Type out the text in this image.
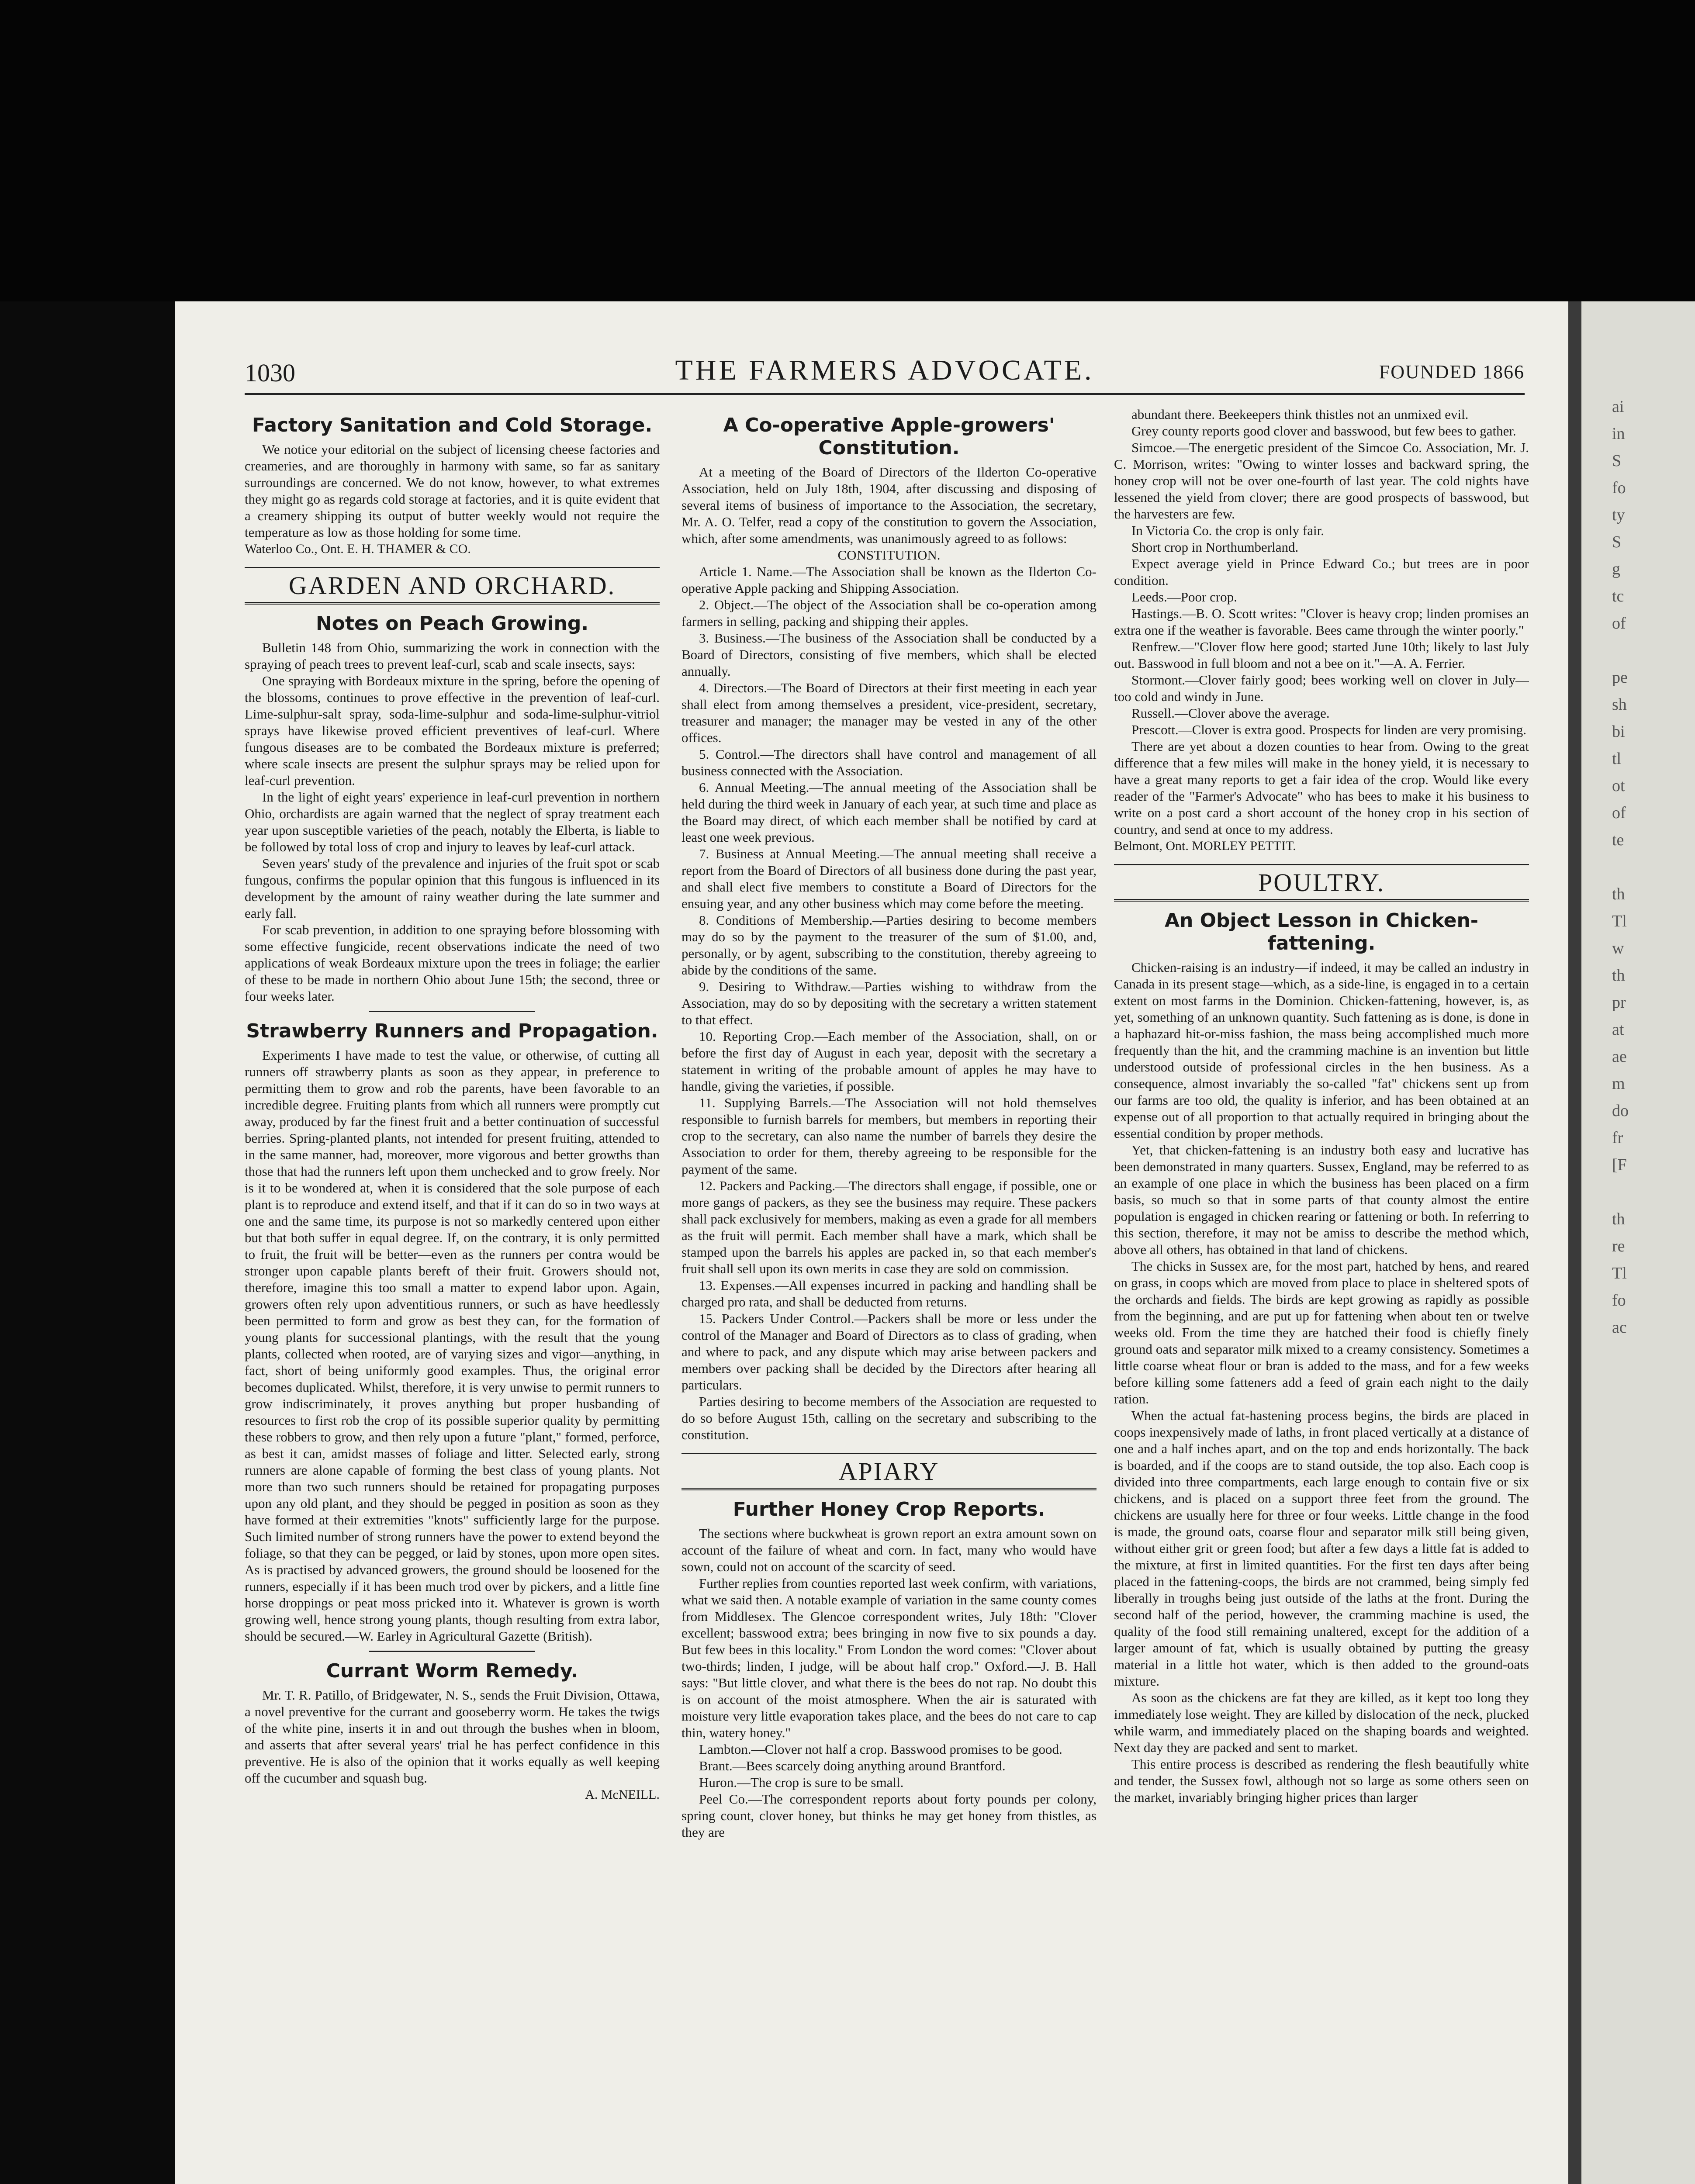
ai
in
S
fo
ty
S
g
tc
of

pe
sh
bi
tl
ot
of
te

th
Tl
w
th
pr
at
ae
m
do
fr
[F

th
re
Tl
fo
ac
1030	THE FARMERS ADVOCATE.	FOUNDED 1866
Factory Sanitation and Cold Storage.

We notice your editorial on the subject of licensing cheese factories and creameries, and are thoroughly in harmony with same, so far as sanitary surroundings are concerned. We do not know, however, to what extremes they might go as regards cold storage at factories, and it is quite evident that a creamery shipping its output of butter weekly would not require the temperature as low as those holding for some time.

Waterloo Co., Ont. E. H. THAMER & CO.

GARDEN AND ORCHARD.
Notes on Peach Growing.

Bulletin 148 from Ohio, summarizing the work in connection with the spraying of peach trees to prevent leaf-curl, scab and scale insects, says:

One spraying with Bordeaux mixture in the spring, before the opening of the blossoms, continues to prove effective in the prevention of leaf-curl. Lime-sulphur-salt spray, soda-lime-sulphur and soda-lime-sulphur-vitriol sprays have likewise proved efficient preventives of leaf-curl. Where fungous diseases are to be combated the Bordeaux mixture is preferred; where scale insects are present the sulphur sprays may be relied upon for leaf-curl prevention.

In the light of eight years' experience in leaf-curl prevention in northern Ohio, orchardists are again warned that the neglect of spray treatment each year upon susceptible varieties of the peach, notably the Elberta, is liable to be followed by total loss of crop and injury to leaves by leaf-curl attack.

Seven years' study of the prevalence and injuries of the fruit spot or scab fungous, confirms the popular opinion that this fungous is influenced in its development by the amount of rainy weather during the late summer and early fall.

For scab prevention, in addition to one spraying before blossoming with some effective fungicide, recent observations indicate the need of two applications of weak Bordeaux mixture upon the trees in foliage; the earlier of these to be made in northern Ohio about June 15th; the second, three or four weeks later.

Strawberry Runners and Propagation.

Experiments I have made to test the value, or otherwise, of cutting all runners off strawberry plants as soon as they appear, in preference to permitting them to grow and rob the parents, have been favorable to an incredible degree. Fruiting plants from which all runners were promptly cut away, produced by far the finest fruit and a better continuation of successful berries. Spring-planted plants, not intended for present fruiting, attended to in the same manner, had, moreover, more vigorous and better growths than those that had the runners left upon them unchecked and to grow freely. Nor is it to be wondered at, when it is considered that the sole purpose of each plant is to reproduce and extend itself, and that if it can do so in two ways at one and the same time, its purpose is not so markedly centered upon either but that both suffer in equal degree. If, on the contrary, it is only permitted to fruit, the fruit will be better—even as the runners per contra would be stronger upon capable plants bereft of their fruit. Growers should not, therefore, imagine this too small a matter to expend labor upon. Again, growers often rely upon adventitious runners, or such as have heedlessly been permitted to form and grow as best they can, for the formation of young plants for successional plantings, with the result that the young plants, collected when rooted, are of varying sizes and vigor—anything, in fact, short of being uniformly good examples. Thus, the original error becomes duplicated. Whilst, therefore, it is very unwise to permit runners to grow indiscriminately, it proves anything but proper husbanding of resources to first rob the crop of its possible superior quality by permitting these robbers to grow, and then rely upon a future "plant," formed, perforce, as best it can, amidst masses of foliage and litter. Selected early, strong runners are alone capable of forming the best class of young plants. Not more than two such runners should be retained for propagating purposes upon any old plant, and they should be pegged in position as soon as they have formed at their extremities "knots" sufficiently large for the purpose. Such limited number of strong runners have the power to extend beyond the foliage, so that they can be pegged, or laid by stones, upon more open sites. As is practised by advanced growers, the ground should be loosened for the runners, especially if it has been much trod over by pickers, and a little fine horse droppings or peat moss pricked into it. Whatever is grown is worth growing well, hence strong young plants, though resulting from extra labor, should be secured.—W. Earley in Agricultural Gazette (British).

Currant Worm Remedy.

Mr. T. R. Patillo, of Bridgewater, N. S., sends the Fruit Division, Ottawa, a novel preventive for the currant and gooseberry worm. He takes the twigs of the white pine, inserts it in and out through the bushes when in bloom, and asserts that after several years' trial he has perfect confidence in this preventive. He is also of the opinion that it works equally as well keeping off the cucumber and squash bug.

A. McNEILL.

A Co-operative Apple-growers' Constitution.

At a meeting of the Board of Directors of the Ilderton Co-operative Association, held on July 18th, 1904, after discussing and disposing of several items of business of importance to the Association, the secretary, Mr. A. O. Telfer, read a copy of the constitution to govern the Association, which, after some amendments, was unanimously agreed to as follows:

CONSTITUTION.

Article 1. Name.—The Association shall be known as the Ilderton Co-operative Apple packing and Shipping Association.

2. Object.—The object of the Association shall be co-operation among farmers in selling, packing and shipping their apples.

3. Business.—The business of the Association shall be conducted by a Board of Directors, consisting of five members, which shall be elected annually.

4. Directors.—The Board of Directors at their first meeting in each year shall elect from among themselves a president, vice-president, secretary, treasurer and manager; the manager may be vested in any of the other offices.

5. Control.—The directors shall have control and management of all business connected with the Association.

6. Annual Meeting.—The annual meeting of the Association shall be held during the third week in January of each year, at such time and place as the Board may direct, of which each member shall be notified by card at least one week previous.

7. Business at Annual Meeting.—The annual meeting shall receive a report from the Board of Directors of all business done during the past year, and shall elect five members to constitute a Board of Directors for the ensuing year, and any other business which may come before the meeting.

8. Conditions of Membership.—Parties desiring to become members may do so by the payment to the treasurer of the sum of $1.00, and, personally, or by agent, subscribing to the constitution, thereby agreeing to abide by the conditions of the same.

9. Desiring to Withdraw.—Parties wishing to withdraw from the Association, may do so by depositing with the secretary a written statement to that effect.

10. Reporting Crop.—Each member of the Association, shall, on or before the first day of August in each year, deposit with the secretary a statement in writing of the probable amount of apples he may have to handle, giving the varieties, if possible.

11. Supplying Barrels.—The Association will not hold themselves responsible to furnish barrels for members, but members in reporting their crop to the secretary, can also name the number of barrels they desire the Association to order for them, thereby agreeing to be responsible for the payment of the same.

12. Packers and Packing.—The directors shall engage, if possible, one or more gangs of packers, as they see the business may require. These packers shall pack exclusively for members, making as even a grade for all members as the fruit will permit. Each member shall have a mark, which shall be stamped upon the barrels his apples are packed in, so that each member's fruit shall sell upon its own merits in case they are sold on commission.

13. Expenses.—All expenses incurred in packing and handling shall be charged pro rata, and shall be deducted from returns.

15. Packers Under Control.—Packers shall be more or less under the control of the Manager and Board of Directors as to class of grading, when and where to pack, and any dispute which may arise between packers and members over packing shall be decided by the Directors after hearing all particulars.

Parties desiring to become members of the Association are requested to do so before August 15th, calling on the secretary and subscribing to the constitution.

APIARY
Further Honey Crop Reports.

The sections where buckwheat is grown report an extra amount sown on account of the failure of wheat and corn. In fact, many who would have sown, could not on account of the scarcity of seed.

Further replies from counties reported last week confirm, with variations, what we said then. A notable example of variation in the same county comes from Middlesex. The Glencoe correspondent writes, July 18th: "Clover excellent; basswood extra; bees bringing in now five to six pounds a day. But few bees in this locality." From London the word comes: "Clover about two-thirds; linden, I judge, will be about half crop." Oxford.—J. B. Hall says: "But little clover, and what there is the bees do not rap. No doubt this is on account of the moist atmosphere. When the air is saturated with moisture very little evaporation takes place, and the bees do not care to cap thin, watery honey."

Lambton.—Clover not half a crop. Basswood promises to be good.

Brant.—Bees scarcely doing anything around Brantford.

Huron.—The crop is sure to be small.

Peel Co.—The correspondent reports about forty pounds per colony, spring count, clover honey, but thinks he may get honey from thistles, as they are

abundant there. Beekeepers think thistles not an unmixed evil.

Grey county reports good clover and basswood, but few bees to gather.

Simcoe.—The energetic president of the Simcoe Co. Association, Mr. J. C. Morrison, writes: "Owing to winter losses and backward spring, the honey crop will not be over one-fourth of last year. The cold nights have lessened the yield from clover; there are good prospects of basswood, but the harvesters are few.

In Victoria Co. the crop is only fair.

Short crop in Northumberland.

Expect average yield in Prince Edward Co.; but trees are in poor condition.

Leeds.—Poor crop.

Hastings.—B. O. Scott writes: "Clover is heavy crop; linden promises an extra one if the weather is favorable. Bees came through the winter poorly."

Renfrew.—"Clover flow here good; started June 10th; likely to last July out. Basswood in full bloom and not a bee on it."—A. A. Ferrier.

Stormont.—Clover fairly good; bees working well on clover in July—too cold and windy in June.

Russell.—Clover above the average.

Prescott.—Clover is extra good. Prospects for linden are very promising.

There are yet about a dozen counties to hear from. Owing to the great difference that a few miles will make in the honey yield, it is necessary to have a great many reports to get a fair idea of the crop. Would like every reader of the "Farmer's Advocate" who has bees to make it his business to write on a post card a short account of the honey crop in his section of country, and send at once to my address.

Belmont, Ont. MORLEY PETTIT.

POULTRY.
An Object Lesson in Chicken-fattening.

Chicken-raising is an industry—if indeed, it may be called an industry in Canada in its present stage—which, as a side-line, is engaged in to a certain extent on most farms in the Dominion. Chicken-fattening, however, is, as yet, something of an unknown quantity. Such fattening as is done, is done in a haphazard hit-or-miss fashion, the mass being accomplished much more frequently than the hit, and the cramming machine is an invention but little understood outside of professional circles in the hen business. As a consequence, almost invariably the so-called "fat" chickens sent up from our farms are too old, the quality is inferior, and has been obtained at an expense out of all proportion to that actually required in bringing about the essential condition by proper methods.

Yet, that chicken-fattening is an industry both easy and lucrative has been demonstrated in many quarters. Sussex, England, may be referred to as an example of one place in which the business has been placed on a firm basis, so much so that in some parts of that county almost the entire population is engaged in chicken rearing or fattening or both. In referring to this section, therefore, it may not be amiss to describe the method which, above all others, has obtained in that land of chickens.

The chicks in Sussex are, for the most part, hatched by hens, and reared on grass, in coops which are moved from place to place in sheltered spots of the orchards and fields. The birds are kept growing as rapidly as possible from the beginning, and are put up for fattening when about ten or twelve weeks old. From the time they are hatched their food is chiefly finely ground oats and separator milk mixed to a creamy consistency. Sometimes a little coarse wheat flour or bran is added to the mass, and for a few weeks before killing some fatteners add a feed of grain each night to the daily ration.

When the actual fat-hastening process begins, the birds are placed in coops inexpensively made of laths, in front placed vertically at a distance of one and a half inches apart, and on the top and ends horizontally. The back is boarded, and if the coops are to stand outside, the top also. Each coop is divided into three compartments, each large enough to contain five or six chickens, and is placed on a support three feet from the ground. The chickens are usually here for three or four weeks. Little change in the food is made, the ground oats, coarse flour and separator milk still being given, without either grit or green food; but after a few days a little fat is added to the mixture, at first in limited quantities. For the first ten days after being placed in the fattening-coops, the birds are not crammed, being simply fed liberally in troughs being just outside of the laths at the front. During the second half of the period, however, the cramming machine is used, the quality of the food still remaining unaltered, except for the addition of a larger amount of fat, which is usually obtained by putting the greasy material in a little hot water, which is then added to the ground-oats mixture.

As soon as the chickens are fat they are killed, as it kept too long they immediately lose weight. They are killed by dislocation of the neck, plucked while warm, and immediately placed on the shaping boards and weighted. Next day they are packed and sent to market.

This entire process is described as rendering the flesh beautifully white and tender, the Sussex fowl, although not so large as some others seen on the market, invariably bringing higher prices than larger
